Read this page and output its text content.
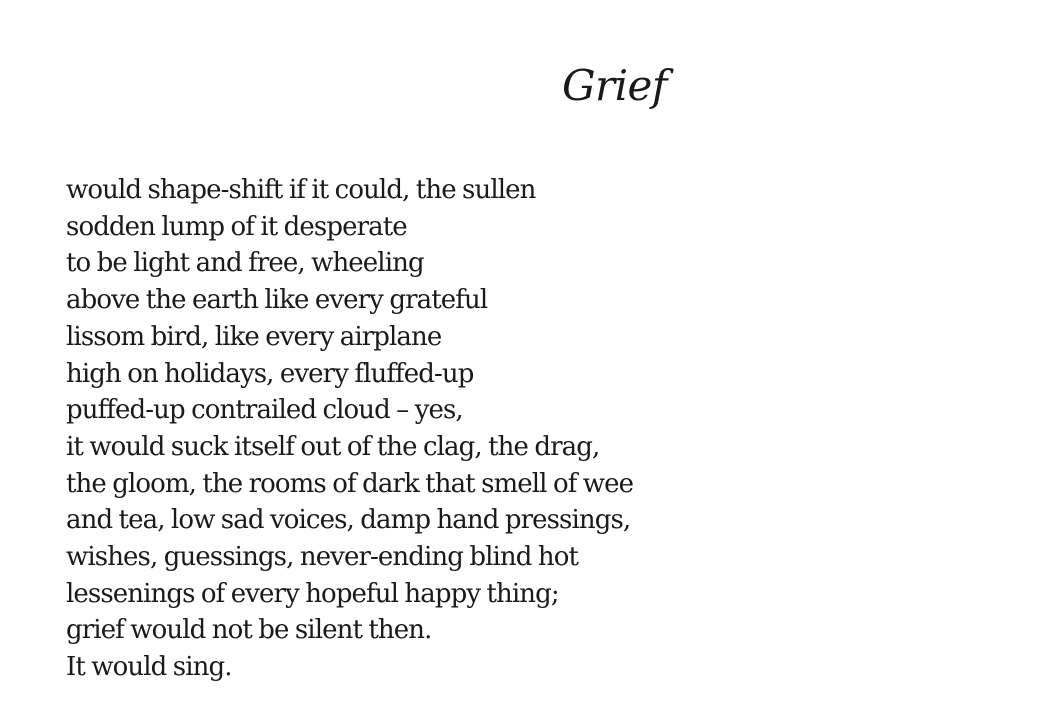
Grief
would shape-shift if it could, the sullen
sodden lump of it desperate
to be light and free, wheeling
above the earth like every grateful
lissom bird, like every airplane
high on holidays, every fluffed-up
puffed-up contrailed cloud – yes,
it would suck itself out of the clag, the drag,
the gloom, the rooms of dark that smell of wee
and tea, low sad voices, damp hand pressings,
wishes, guessings, never-ending blind hot
lessenings of every hopeful happy thing;
grief would not be silent then.
It would sing.
